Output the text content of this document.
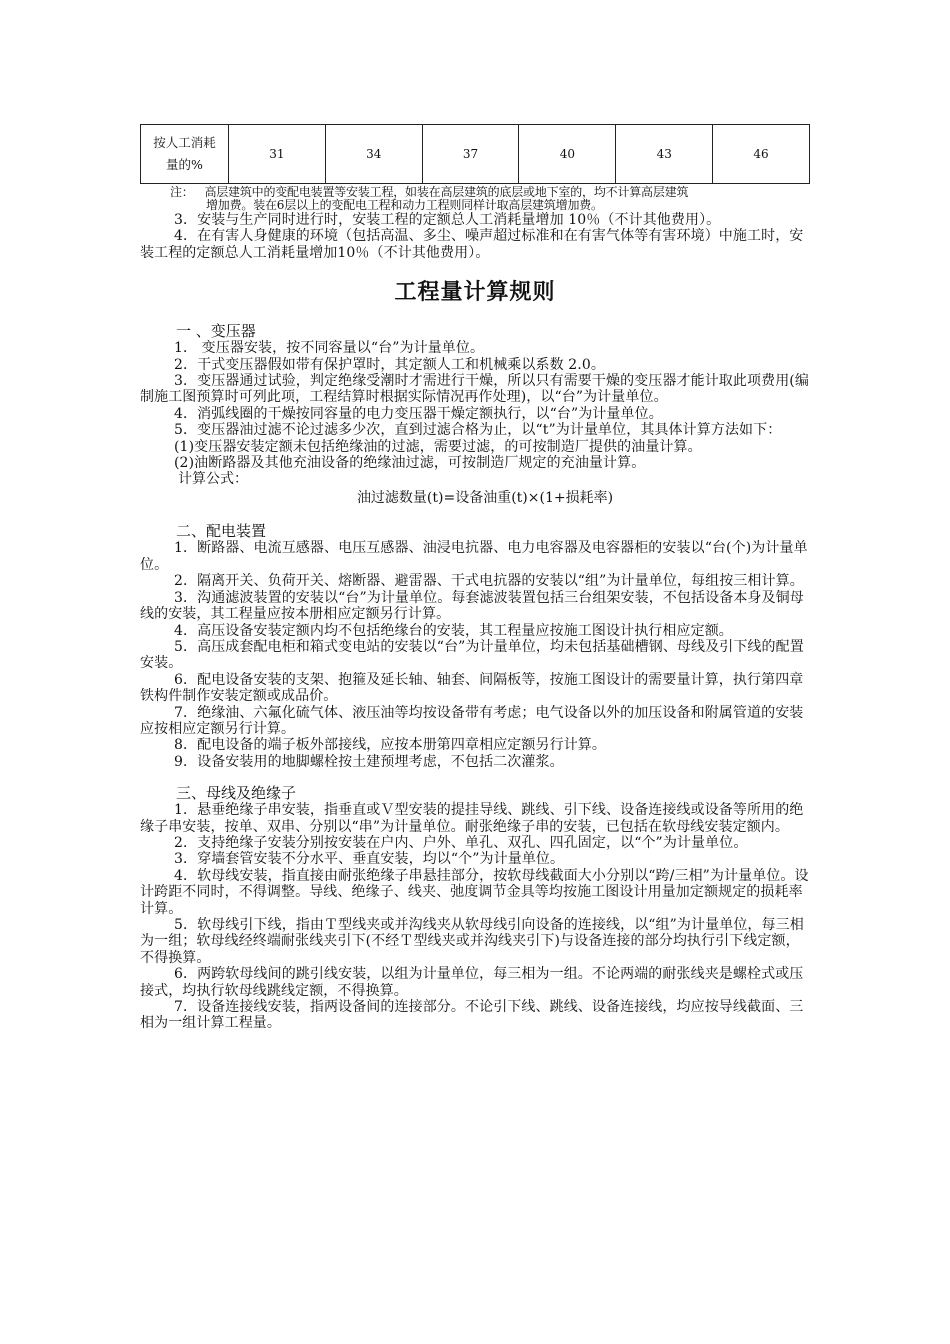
按人工消耗
量的%
	31	34	37	40	43	46

注： 高层建筑中的变配电装置等安装工程，如装在高层建筑的底层或地下室的，均不计算高层建筑

增加费。装在6层以上的变配电工程和动力工程则同样计取高层建筑增加费。

3．安装与生产同时进行时，安装工程的定额总人工消耗量增加 10％（不计其他费用）。

4．在有害人身健康的环境（包括高温、多尘、噪声超过标准和在有害气体等有害环境）中施工时，安装工程的定额总人工消耗量增加10％（不计其他费用）。

工程量计算规则

一 、变压器

1． 变压器安装，按不同容量以“台”为计量单位。

2．干式变压器假如带有保护罩时，其定额人工和机械乘以系数 2.0。

3．变压器通过试验，判定绝缘受潮时才需进行干燥，所以只有需要干燥的变压器才能计取此项费用(编制施工图预算时可列此项，工程结算时根据实际情况再作处理)，以“台”为计量单位。

4．消弧线圈的干燥按同容量的电力变压器干燥定额执行，以“台”为计量单位。

5．变压器油过滤不论过滤多少次，直到过滤合格为止，以“t”为计量单位，其具体计算方法如下：

(1)变压器安装定额未包括绝缘油的过滤，需要过滤，的可按制造厂提供的油量计算。

(2)油断路器及其他充油设备的绝缘油过滤，可按制造厂规定的充油量计算。

计算公式：

油过滤数量(t)=设备油重(t)×(1+损耗率)

二、配电装置

1．断路器、电流互感器、电压互感器、油浸电抗器、电力电容器及电容器柜的安装以“台(个)为计量单位。

2．隔离开关、负荷开关、熔断器、避雷器、干式电抗器的安装以“组”为计量单位，每组按三相计算。

3．沟通滤波装置的安装以“台”为计量单位。每套滤波装置包括三台组架安装，不包括设备本身及铜母线的安装，其工程量应按本册相应定额另行计算。

4．高压设备安装定额内均不包括绝缘台的安装，其工程量应按施工图设计执行相应定额。

5．高压成套配电柜和箱式变电站的安装以“台”为计量单位，均未包括基础槽钢、母线及引下线的配置安装。

6．配电设备安装的支架、抱箍及延长轴、轴套、间隔板等，按施工图设计的需要量计算，执行第四章铁构件制作安装定额或成品价。

7．绝缘油、六氟化硫气体、液压油等均按设备带有考虑；电气设备以外的加压设备和附属管道的安装应按相应定额另行计算。

8．配电设备的端子板外部接线，应按本册第四章相应定额另行计算。

9．设备安装用的地脚螺栓按土建预埋考虑，不包括二次灌浆。

三、母线及绝缘子

1．悬垂绝缘子串安装，指垂直或Ｖ型安装的提挂导线、跳线、引下线、设备连接线或设备等所用的绝缘子串安装，按单、双串、分别以“串”为计量单位。耐张绝缘子串的安装，已包括在软母线安装定额内。

2．支持绝缘子安装分别按安装在户内、户外、单孔、双孔、四孔固定，以“个”为计量单位。

3．穿墙套管安装不分水平、垂直安装，均以“个”为计量单位。

4．软母线安装，指直接由耐张绝缘子串悬挂部分，按软母线截面大小分别以“跨/三相”为计量单位。设计跨距不同时，不得调整。导线、绝缘子、线夹、弛度调节金具等均按施工图设计用量加定额规定的损耗率计算。

5．软母线引下线，指由Ｔ型线夹或并沟线夹从软母线引向设备的连接线，以“组”为计量单位，每三相为一组；软母线经终端耐张线夹引下(不经Ｔ型线夹或并沟线夹引下)与设备连接的部分均执行引下线定额，不得换算。

6．两跨软母线间的跳引线安装，以组为计量单位，每三相为一组。不论两端的耐张线夹是螺栓式或压接式，均执行软母线跳线定额，不得换算。

7．设备连接线安装，指两设备间的连接部分。不论引下线、跳线、设备连接线，均应按导线截面、三相为一组计算工程量。
